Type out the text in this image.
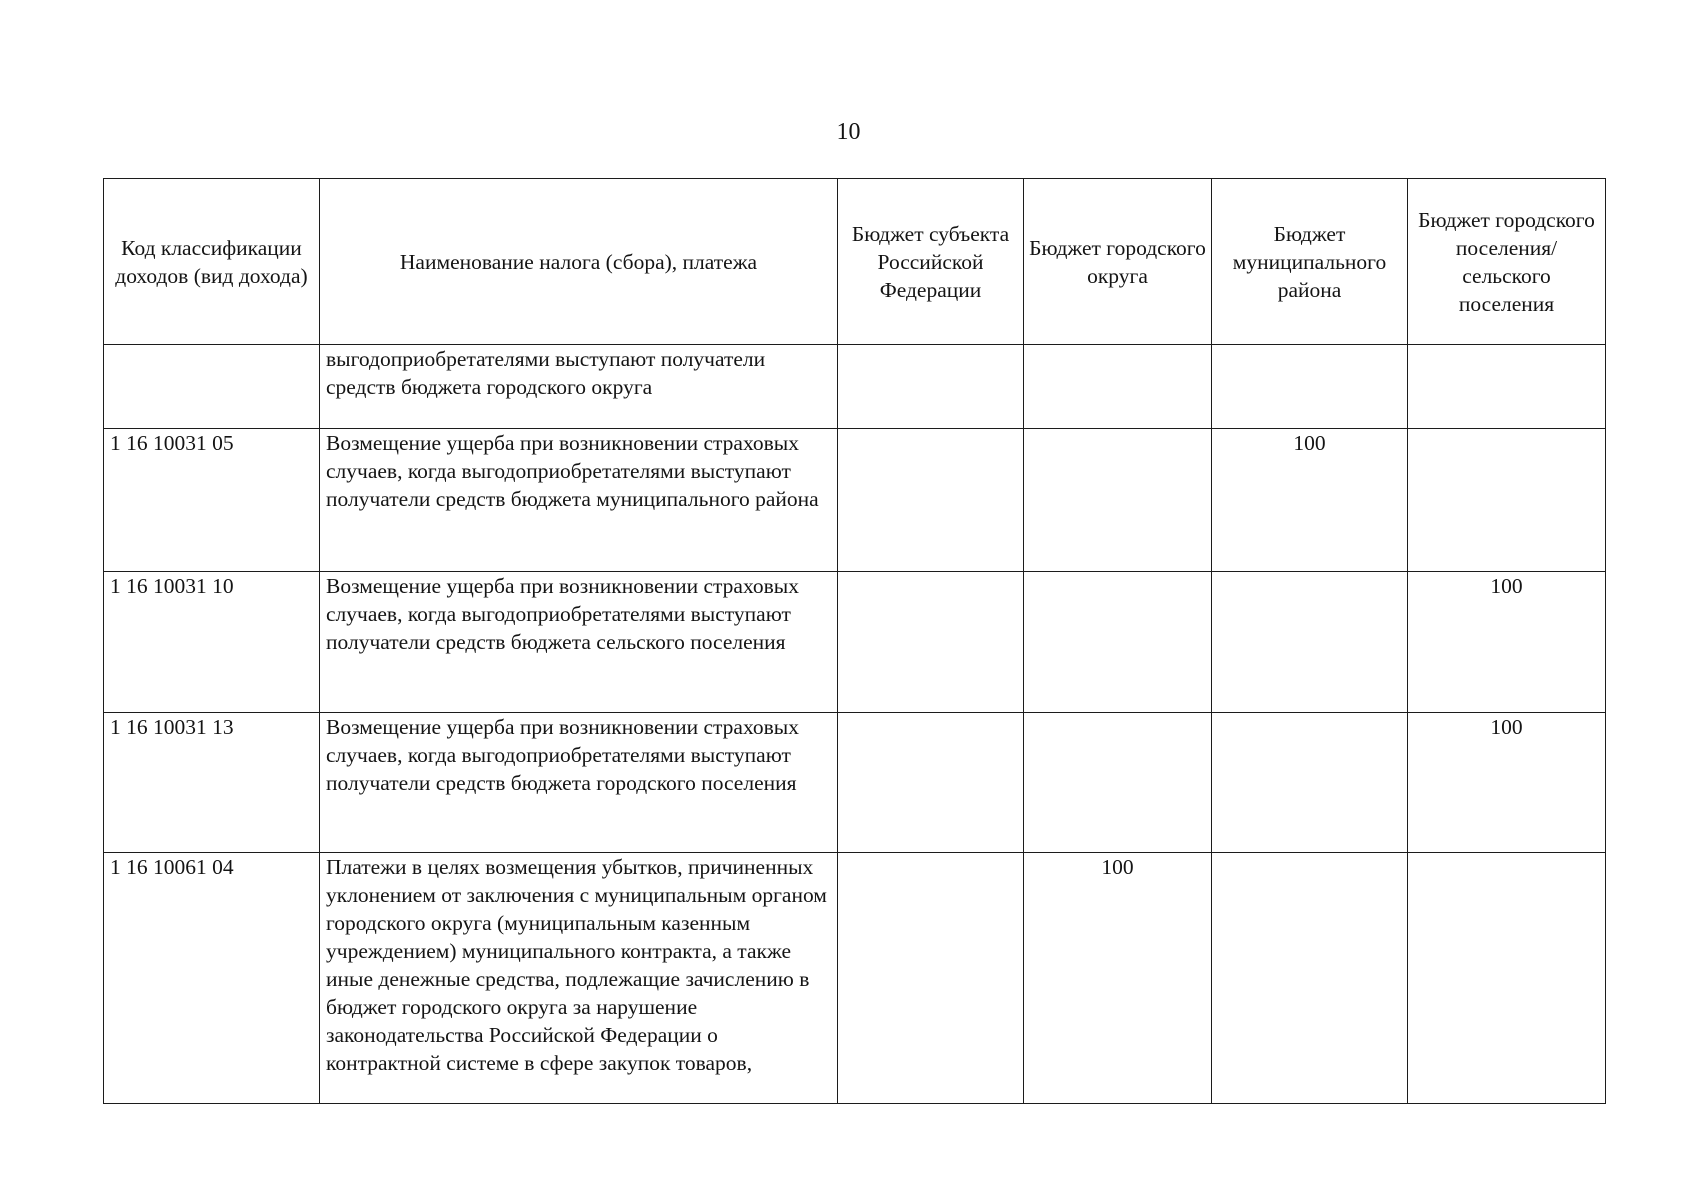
10
Код классификации доходов (вид дохода)	Наименование налога (сбора), платежа	Бюджет субъекта Российской Федерации	Бюджет городского округа	Бюджет муниципального района	Бюджет городского поселения/ сельского поселения
	выгодоприобретателями выступают получатели средств бюджета городского округа				
1 16 10031 05	Возмещение ущерба при возникновении страховых случаев, когда выгодоприобретателями выступают получатели средств бюджета муниципального района			100	
1 16 10031 10	Возмещение ущерба при возникновении страховых случаев, когда выгодоприобретателями выступают получатели средств бюджета сельского поселения				100
1 16 10031 13	Возмещение ущерба при возникновении страховых случаев, когда выгодоприобретателями выступают получатели средств бюджета городского поселения				100
1 16 10061 04	Платежи в целях возмещения убытков, причиненных уклонением от заключения с муниципальным органом городского округа (муниципальным казенным учреждением) муниципального контракта, а также иные денежные средства, подлежащие зачислению в бюджет городского округа за нарушение законодательства Российской Федерации о контрактной системе в сфере закупок товаров,		100		
